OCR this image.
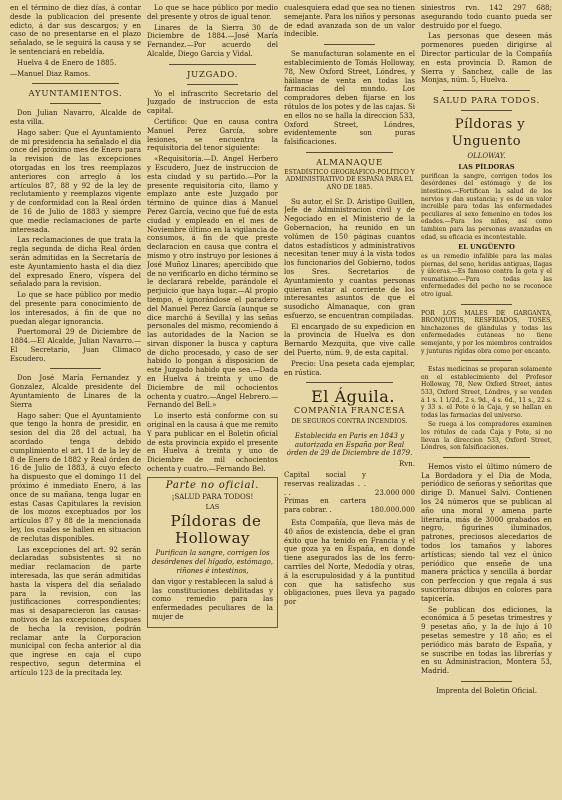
en el término de diez días, á contar desde la publicacion del presente edicto, á dar sus descargos; y en caso de no presentarse en el plazo señalado, se le seguirá la causa y se le sentenciará en rebeldía.

Huelva 4 de Enero de 1885.

—Manuel Diaz Ramos.

AYUNTAMIENTOS.

Don Julian Navarro, Alcalde de esta villa.

Hago saber: Que el Ayuntamiento de mi presidencia ha señalado el dia once del próximo mes de Enero para la revision de las excepciones otorgadas en los tres reemplazos anteriores con arreglo á los artículos 87, 88 y 92 de la ley de reclutamiento y reemplazos vigente y de conformidad con la Real órden de 16 de Julio de 1883 y siempre que medie reclamaciones de parte interesada.

Las reclamaciones de que trata la regla segunda de dicha Real órden serán admitidas en la Secretaría de este Ayuntamiento hasta el dia diez del expresado Enero, víspera del señalado para la revision.

Lo que se hace público por medio del presente para conocimiento de los interesados, á fin de que no puedan alegar ignorancia.

Puertomoral 29 de Diciembre de 1884.—El Alcalde, Julian Navarro.—El Secretario, Juan Climaco Escudero.

Don José María Fernandez y Gonzalez, Alcalde presidente del Ayuntamiento de Linares de la Sierra

Hago saber: Que el Ayuntamiento que tengo la honra de presidir, en sesion del dia 28 del actual, ha acordado tenga debido cumplimiento el art. 11 de la ley de 8 de Enero de 1882 y Real órden de 16 de Julio de 1883, á cuyo efecto ha dispuesto que el domingo 11 del próximo é inmediato Enero, á las once de su mañana, tenga lugar en estas Casas Capitulares la revision de los mozos exceptuados por los artículos 87 y 88 de la mencionada ley, los cuales se hallen en situacion de reclutas disponibles.

Las excepciones del art. 92 serán declaradas subsistentes si no mediar reclamacion de parte interesada, las que serán admitidas hasta la víspera del dia señalado para la revision, con las justificaciones correspondientes; mas si desaparecieron las causas-motivos de las excepciones despues de hecha la revision, podrán reclamar ante la Corporacion municipal con fecha anterior al dia que ingrese en caja el cupo respectivo, segun determina el artículo 123 de la precitada ley.

Lo que se hace público por medio del presente y otros de igual tenor.

Linares de la Sierra 30 de Diciembre de 1884.—José María Fernandez.—Por acuerdo del Alcalde, Diego Garcia y Vidal.

JUZGADO.

Yo el infrascrito Secretario del Juzgado de instruccion de esta capital.

Certifico: Que en causa contra Manuel Perez García, sobre lesiones, se encuentra la requisitoria del tenor siguiente:

«Requisitoria.—D. Angel Herbero y Escudero, Juez de instruccion de esta ciudad y su partido.—Por la presente requisitoria cito, llamo y emplazo ante este Juzgado por término de quince dias á Manuel Perez García, vecino que fué de esta ciudad y empleado en el mes de Noviembre último en la vigilancia de consumos, á fin de que preste declaracion en causa que contra el mismo y otro instruyo por lesiones á José Muñoz Linares; apercibido que de no verificarlo en dicho término se le declarará rebelde, parándole el perjuicio que haya lugar.—Al propio tiempo, é ignorándose el paradero del Manuel Perez García (aunque se dice marchó á Sevilla) y las señas personales del mismo, recomiendo á las autoridades de la Nacion se sirvan disponer la busca y captura de dicho procesado, y caso de ser habido lo pongan á disposicion de este Juzgado habido que sea.—Dada en Huelva á treinta y uno de Diciembre de mil ochocientos ochenta y cuatro.—Angel Hebrero.—Fernando del Bell.»

Lo inserto está conforme con su original en la causa á que me remito Y para publicar en el Boletin oficial de esta provincia expido el presente en Huelva á treinta y uno de Diciembre de mil ochocientos ochenta y cuatro.—Fernando Bel.

Parte no oficial.

¡SALUD PARA TODOS!

LAS

Píldoras de Holloway

Purifican la sangre, corrigen los desórdenes del hígado, estómago, riñones é intestinos,

dan vigor y restablecen la salud á las constituciones debilitadas y como remedio para las enfermedades peculiares de la mujer de

cualesquiera edad que sea no tienen semejante. Para los niños y personas de edad avanzada son de un valor indecible.

Se manufacturan solamente en el establecimiento de Tomás Holloway, 78, New Oxford Street, Lóndres, y háilanse de venta en todas las farmacias del mundo. Los compradores deben fijarse en los rótulos de los potes y de las cajas. Si en ellos no se halla la direccion 533, Oxford Street, Lóndres, evidentemente son puras falsificaciones.

ALMANAQUE

ESTADÍSTICO GEOGRÁFICO-POLÍTICO Y ADMINISTRATIVO DE ESPAÑA PARA EL AÑO DE 1885.

Su autor, el Sr. D. Aristipo Guillen, Jefe de Administracion civil y de Negociado en el Ministerio de la Gobernacion, ha reunido en un volúmen de 150 páginas cuantos datos estadísticos y administrativos necesitan tener muy á la vista todos los funcionarios del Gobierno, todos los Sres. Secretarios de Ayuntamiento y cuantas personas quieran estar al corriente de los interesantes asuntos de que el susodicho Almanaque, con gran esfuerzo, se encuentran compiladas.

El encargado de su expedicion en la provincia de Huelva es don Bernardo Mezquita, que vive calle del Puerto, núm. 9, de esta capital.

Precio: Una peseta cada ejemplar, en rústica.

El Águila.

COMPAÑIA FRANCESA

DE SEGUROS CONTRA INCENDIOS.

Establecida en Paris en 1843 y autorizada en España por Real órden de 29 de Diciembre de 1879.

Rvn.

Capital social y reservas realizadas . . . .	23.000 000
Primas en cartera para cobrar. .	180.000.000

Esta Compañía, que lleva más de 40 años de existencia, debe el gran éxito que ha tenido en Francia y el que goza ya en España, en donde tiene asegurados las de los ferro-carriles del Norte, Medodía y otras, á la escrupulosidad y á la puntitud con que ha satisfecho sus obligaciones, pues lleva ya pagado por

siniestros rvn. 142 297 688; asegurando todo cuanto pueda ser destruido por el fuego.

Las personas que deseen más pormenores pueden dirigirse al Director particular de la Compañía en esta provincia D. Ramon de Sierra y Sanchez, calle de las Monjas, núm. 5, Huelva.

SALUD PARA TODOS.

Píldoras y Unguento

OLLOWAY.

LAS PÍLDORAS

purifican la sangre, corrigen todos los desórdenes del estómago y de los intestinos.—Fortifican la salud de los nervios y dan sustancia; y es de un valor increible para todas las enfermedades peculiares al sexo femenino en todos los edades.—Para los niños, así como tambien para las personas avanzadas en edad, su eficacia es incontestable.

EL UNGÜENTO

es un remedio infalible para las malas piernas, del seno, heridas antiguas, llagas y úlceras.—Es famoso contra la gota y el reumatismo.—Para todas las enfermedades del pecho no se reconoce otro igual.

POR LOS MALES DE GARGANTA, BRONQUITIS, RESFRIADOS, TOSES, hinchazones de glándulas y todas las enfermedades cutáneas no tiene semejante, y por los miembros contraídos y junturas rígidas obra como por encanto.

Estas medicinas se preparan solamente en el establecimiento del Profesor Holloway, 78, New Oxford Street, ántes 533, Oxford Street, Lóndres, y se venden á 1 s. 1 1/2d., 2 s. 9d., 4 s. 6d., 11 s., 22 s. y 33 s. el Pote ó la Caja, y se hallan en todas las farmacias del universo.

Se ruega á los compradores examinen los rótulos de cada Caja y Pote, si no llevan la direccion 533, Oxford Street, Lóndres, son falsificaciones.

Hemos visto el último número de La Bordadora y el Dia de Moda, periódico de señoras y señoritas que dirige D. Manuel Salvi. Contienen los 24 números que se publican al año una moral y amena parte literaria, más de 3000 grabados en negro, figurines iluminados, patrones, preciosos alecedarios de todos los tamaños y labores artísticas; siendo tal vez el único periódico que enseñe de una manera práctica y sencilla á bordar con perfeccion y que regala á sus suscritoras dibujos en colores para tapicería.

Se publican dos ediciones, la económica á 5 pesetas trimestres y 9 pesetas año, y la de lujo á 10 pesetas semestre y 18 año; es el periódico más barato de España, y se suscribe en todas las librerías y en su Administracion, Montera 53, Madrid.

Imprenta del Boletin Oficial.
